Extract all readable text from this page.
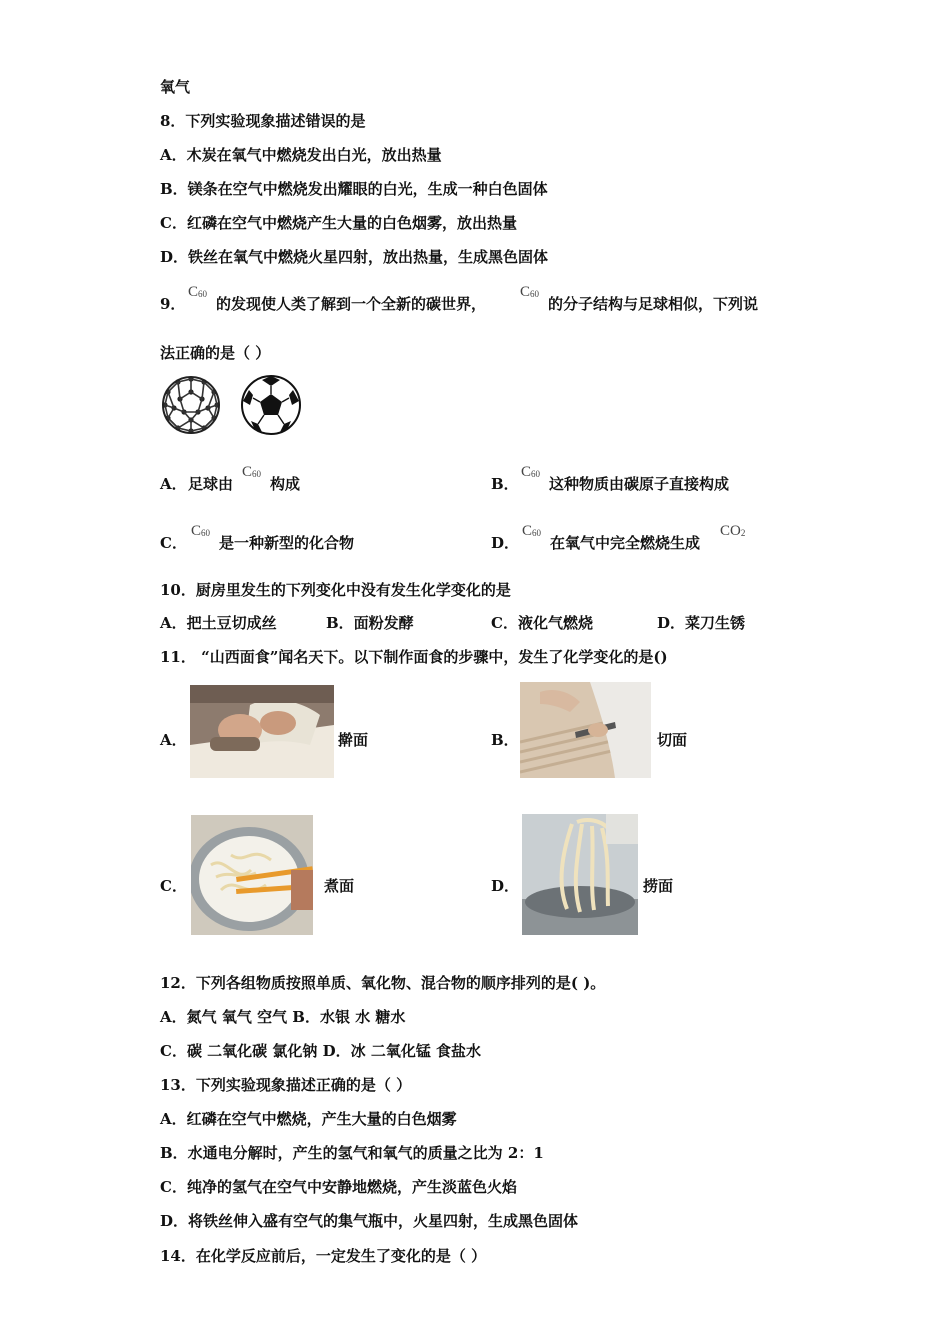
氧气
8．下列实验现象描述错误的是
A．木炭在氧气中燃烧发出白光，放出热量
B．镁条在空气中燃烧发出耀眼的白光，生成一种白色固体
C．红磷在空气中燃烧产生大量的白色烟雾，放出热量
D．铁丝在氧气中燃烧火星四射，放出热量，生成黑色固体
9．
$C_{60}$
的发现使人类了解到一个全新的碳世界，
$C_{60}$
的分子结构与足球相似，下列说
法正确的是（ ）
A． 足球由
$C_{60}$
构成	B．
$C_{60}$
这种物质由碳原子直接构成
C．
$C_{60}$
是一种新型的化合物	D．
$C_{60}$
在氧气中完全燃烧生成
$CO_2$
10．厨房里发生的下列变化中没有发生化学变化的是
A．把土豆切成丝	B．面粉发酵	C．液化气燃烧	D．菜刀生锈
11． “山西面食”闻名天下。以下制作面食的步骤中，发生了化学变化的是()
A．	擀面	B．	切面
C．	煮面	D．	捞面
12．下列各组物质按照单质、氧化物、混合物的顺序排列的是( )。
A．氮气 氧气 空气 B．水银 水 糖水
C．碳 二氧化碳 氯化钠 D．冰 二氧化锰 食盐水
13．下列实验现象描述正确的是（ ）
A．红磷在空气中燃烧，产生大量的白色烟雾
B．水通电分解时，产生的氢气和氧气的质量之比为 2：1
C．纯净的氢气在空气中安静地燃烧，产生淡蓝色火焰
D．将铁丝伸入盛有空气的集气瓶中，火星四射，生成黑色固体
14．在化学反应前后，一定发生了变化的是（ ）
